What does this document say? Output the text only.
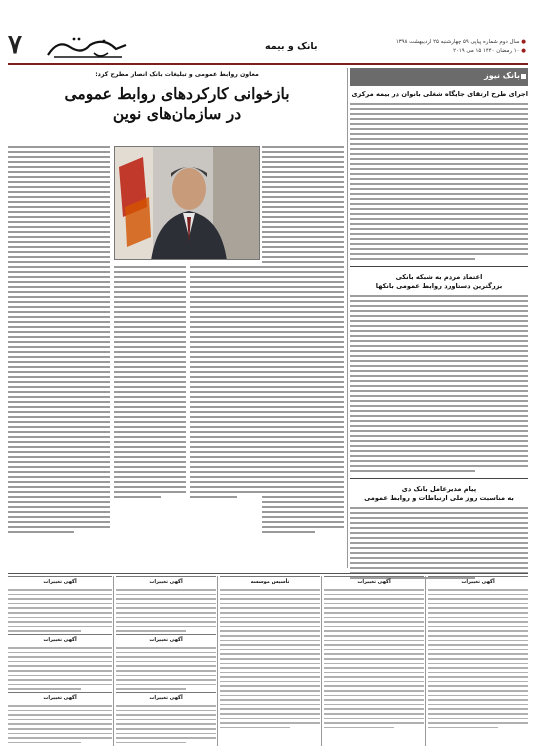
۷	بانک و بیمه	● سال دوم شماره پیاپی ۵۹ چهارشنبه ۲۵ اردیبهشت ۱۳۹۸
● ۱۰ رمضان ۱۴۴۰ ۱۵ می ۲۰۱۹
بانک نیوز
اجرای طرح ارتقای جایگاه شغلی بانوان در بیمه مرکزی
اعتماد مردم به شبکه بانکی
بزرگترین دستاورد روابط عمومی بانکها
پیام مدیرعامل بانک دی
به مناسبت روز ملی ارتباطات و روابط عمومی
معاون روابط عمومی و تبلیغات بانک انصار مطرح کرد:
بازخوانی کارکردهای روابط عمومی
در سازمان‌های نوین
آگهی تغییرات
آگهی تغییرات
تأسیس موسسه
آگهی تغییرات
آگهی تغییرات
آگهی تغییرات
آگهی تغییرات
آگهی تغییرات
آگهی تغییرات
